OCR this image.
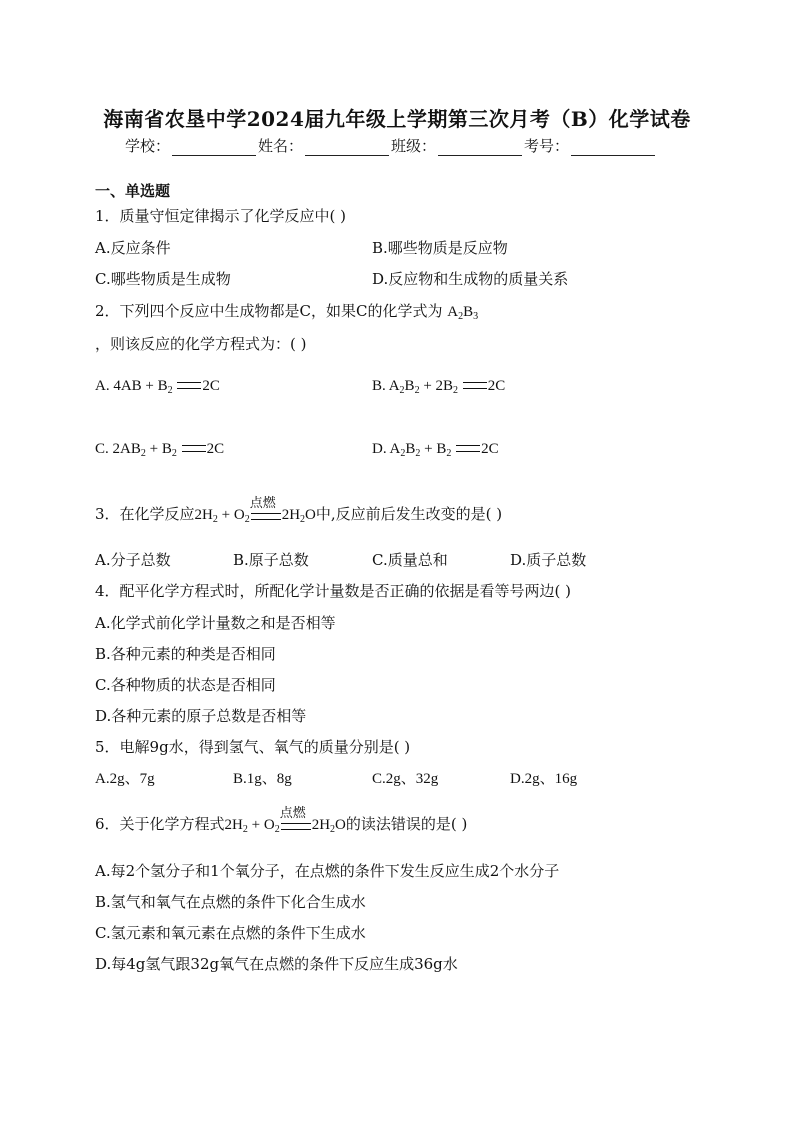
海南省农垦中学2024届九年级上学期第三次月考（B）化学试卷
学校：	姓名：	班级：	考号：
一、单选题
1．质量守恒定律揭示了化学反应中( )
A.反应条件	B.哪些物质是反应物
C.哪些物质是生成物	D.反应物和生成物的质量关系
2．下列四个反应中生成物都是C，如果C的化学式为 $A_2B_3$
，则该反应的化学方程式为：( )
A. $4AB + B_2$ 2C	B. $A_2B_2 + 2B_2$ 2C
C. $2AB_2 + B_2$ 2C	D. $A_2B_2 + B_2$ 2C
3．在化学反应$2H_2 + O_2$
点燃
$2H_2O$中,反应前后发生改变的是( )
A.分子总数	B.原子总数	C.质量总和	D.质子总数
4．配平化学方程式时，所配化学计量数是否正确的依据是看等号两边( )
A.化学式前化学计量数之和是否相等
B.各种元素的种类是否相同
C.各种物质的状态是否相同
D.各种元素的原子总数是否相等
5．电解9g水，得到氢气、氧气的质量分别是( )
A.2g、7g	B.1g、8g	C.2g、32g	D.2g、16g
6．关于化学方程式$2H_2 + O_2$
点燃
$2H_2O$的读法错误的是( )
A.每2个氢分子和1个氧分子，在点燃的条件下发生反应生成2个水分子
B.氢气和氧气在点燃的条件下化合生成水
C.氢元素和氧元素在点燃的条件下生成水
D.每4g氢气跟32g氧气在点燃的条件下反应生成36g水
